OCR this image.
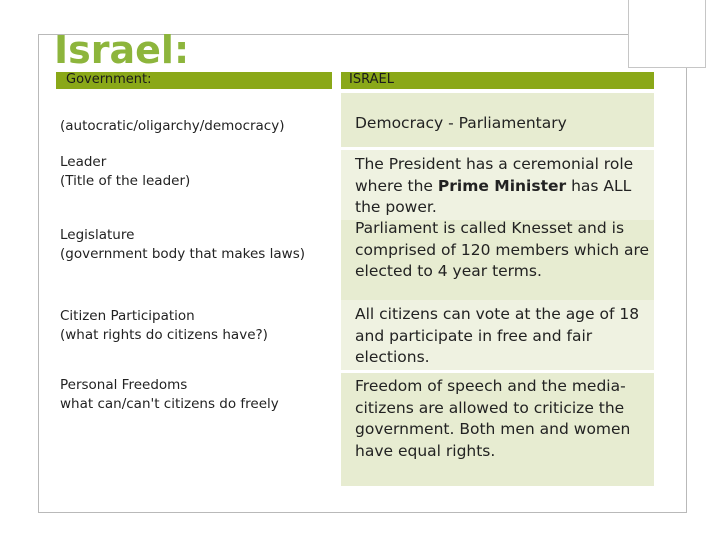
Israel:
Government:	ISRAEL
(autocratic/oligarchy/democracy)
Leader
(Title of the leader)
Legislature
(government body that makes laws)
Citizen Participation
(what rights do citizens have?)
Personal Freedoms
what can/can't citizens do freely
Democracy - Parliamentary
The President has a ceremonial role where the Prime Minister has ALL the power.
Parliament is called Knesset and is comprised of 120 members which are elected to 4 year terms.
All citizens can vote at the age of 18 and participate in free and fair elections.
Freedom of speech and the media-citizens are allowed to criticize the government. Both men and women have equal rights.
